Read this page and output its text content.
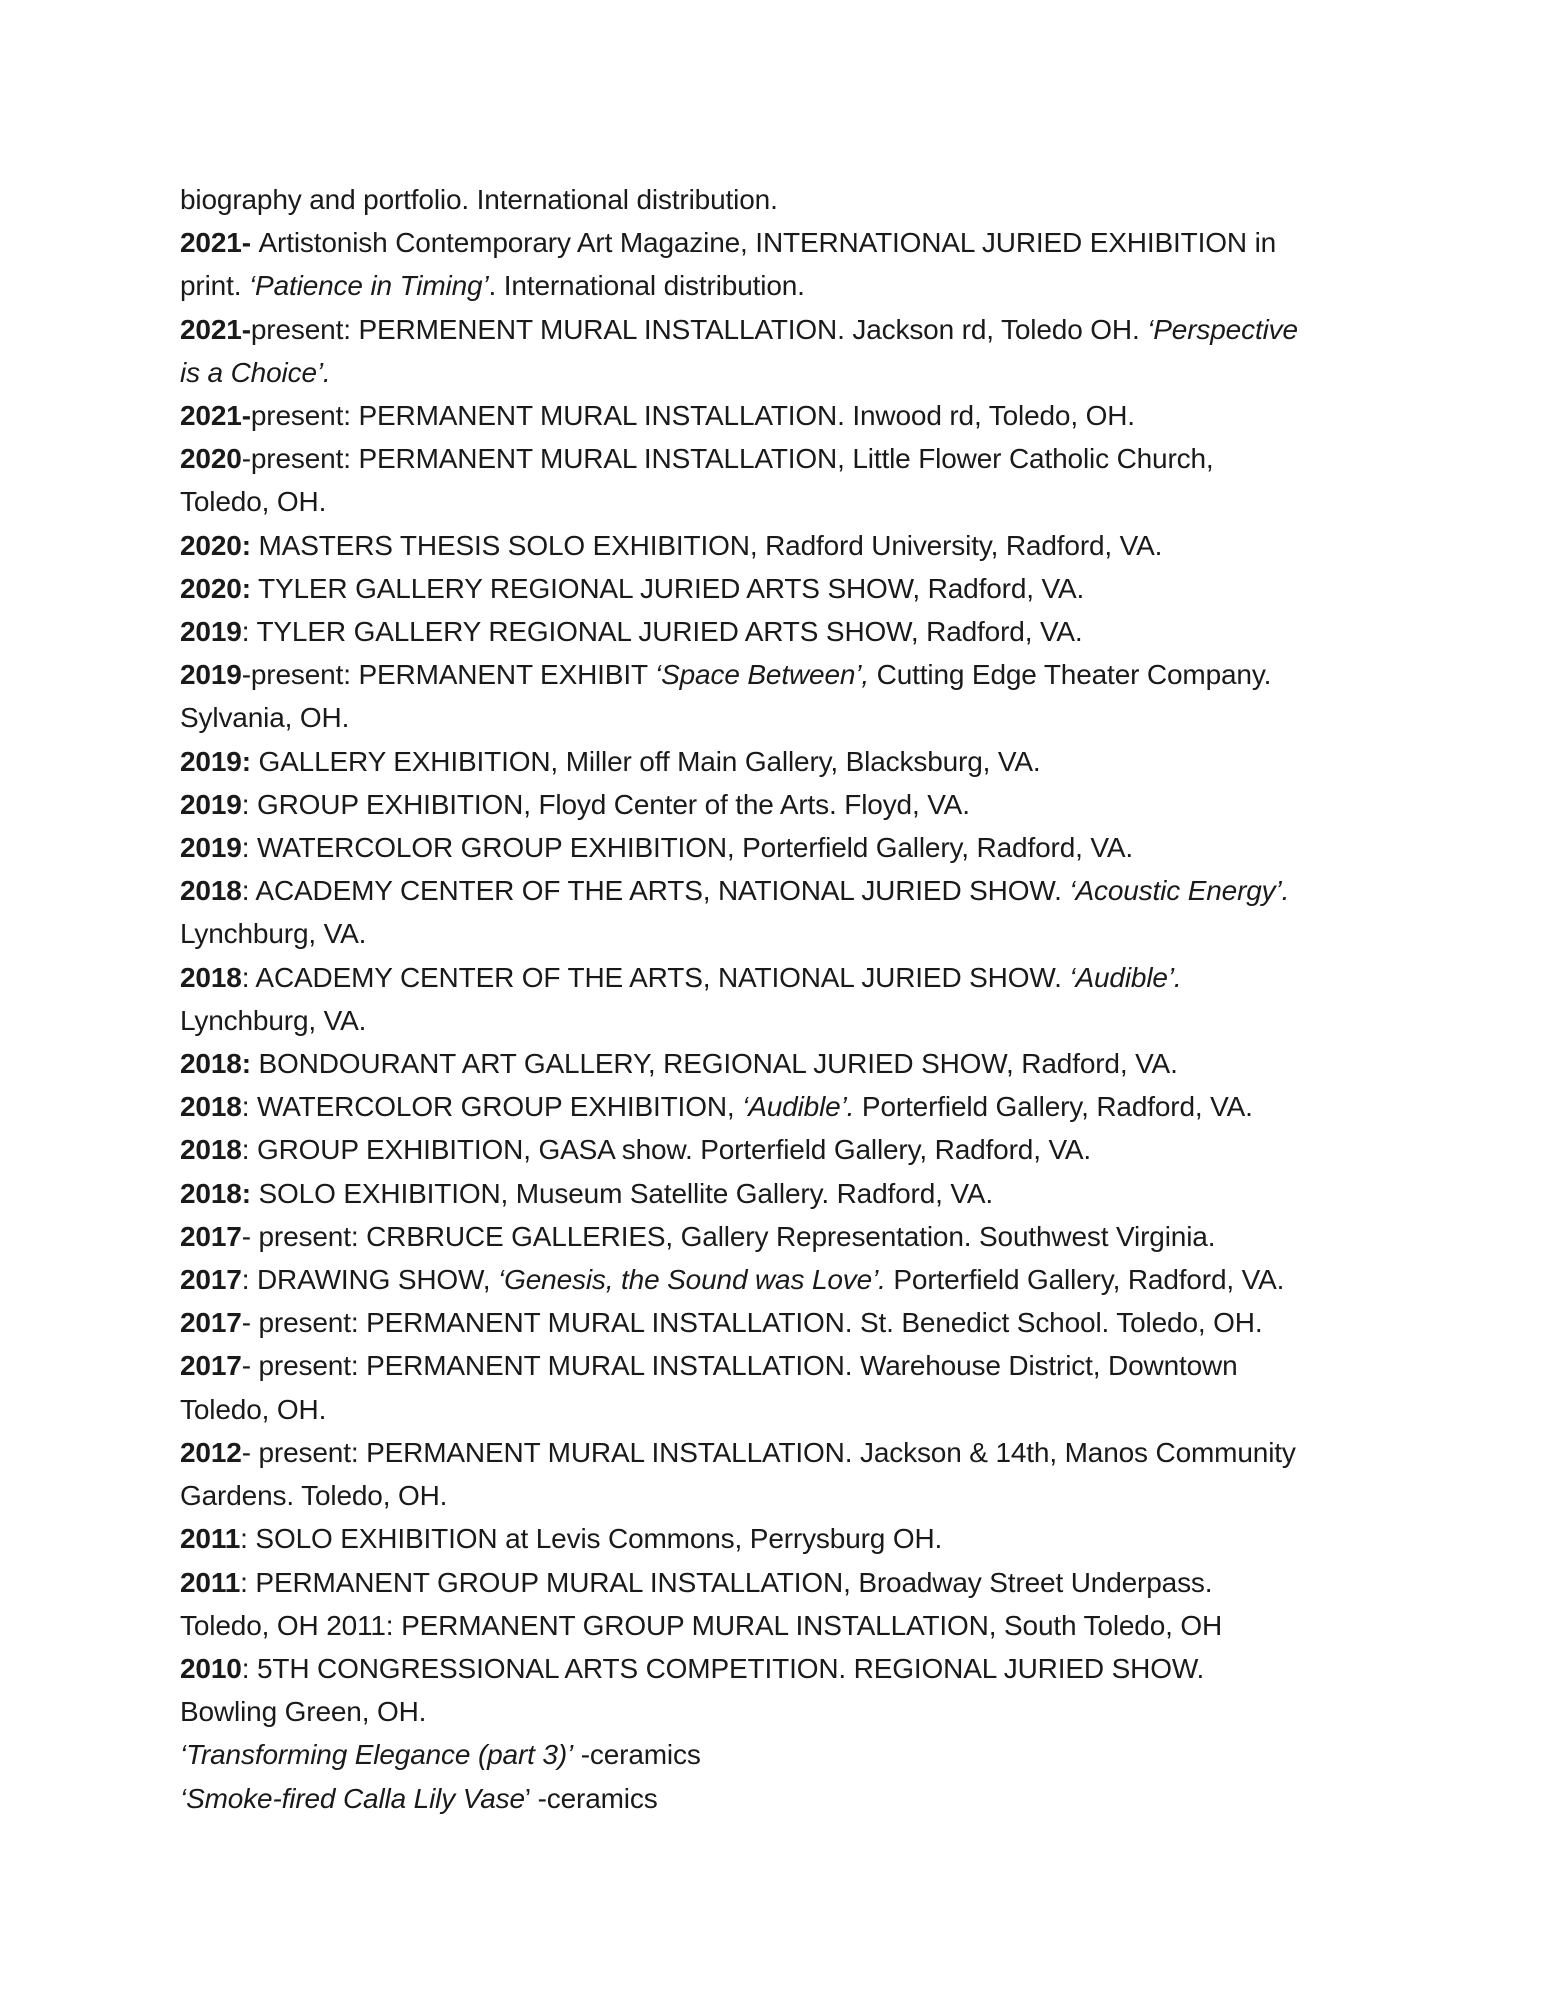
biography and portfolio. International distribution.
2021- Artistonish Contemporary Art Magazine, INTERNATIONAL JURIED EXHIBITION in
print. ‘Patience in Timing’. International distribution.
2021-present: PERMENENT MURAL INSTALLATION. Jackson rd, Toledo OH. ‘Perspective
is a Choice’.
2021-present: PERMANENT MURAL INSTALLATION. Inwood rd, Toledo, OH.
2020-present: PERMANENT MURAL INSTALLATION, Little Flower Catholic Church,
Toledo, OH.
2020: MASTERS THESIS SOLO EXHIBITION, Radford University, Radford, VA.
2020: TYLER GALLERY REGIONAL JURIED ARTS SHOW, Radford, VA.
2019: TYLER GALLERY REGIONAL JURIED ARTS SHOW, Radford, VA.
2019-present: PERMANENT EXHIBIT ‘Space Between’, Cutting Edge Theater Company.
Sylvania, OH.
2019: GALLERY EXHIBITION, Miller off Main Gallery, Blacksburg, VA.
2019: GROUP EXHIBITION, Floyd Center of the Arts. Floyd, VA.
2019: WATERCOLOR GROUP EXHIBITION, Porterfield Gallery, Radford, VA.
2018: ACADEMY CENTER OF THE ARTS, NATIONAL JURIED SHOW. ‘Acoustic Energy’.
Lynchburg, VA.
2018: ACADEMY CENTER OF THE ARTS, NATIONAL JURIED SHOW. ‘Audible’.
Lynchburg, VA.
2018: BONDOURANT ART GALLERY, REGIONAL JURIED SHOW, Radford, VA.
2018: WATERCOLOR GROUP EXHIBITION, ‘Audible’. Porterfield Gallery, Radford, VA.
2018: GROUP EXHIBITION, GASA show. Porterfield Gallery, Radford, VA.
2018: SOLO EXHIBITION, Museum Satellite Gallery. Radford, VA.
2017- present: CRBRUCE GALLERIES, Gallery Representation. Southwest Virginia.
2017: DRAWING SHOW, ‘Genesis, the Sound was Love’. Porterfield Gallery, Radford, VA.
2017- present: PERMANENT MURAL INSTALLATION. St. Benedict School. Toledo, OH.
2017- present: PERMANENT MURAL INSTALLATION. Warehouse District, Downtown
Toledo, OH.
2012- present: PERMANENT MURAL INSTALLATION. Jackson & 14th, Manos Community
Gardens. Toledo, OH.
2011: SOLO EXHIBITION at Levis Commons, Perrysburg OH.
2011: PERMANENT GROUP MURAL INSTALLATION, Broadway Street Underpass.
Toledo, OH 2011: PERMANENT GROUP MURAL INSTALLATION, South Toledo, OH
2010: 5TH CONGRESSIONAL ARTS COMPETITION. REGIONAL JURIED SHOW.
Bowling Green, OH.
‘Transforming Elegance (part 3)’ -ceramics
‘Smoke-fired Calla Lily Vase’ -ceramics
